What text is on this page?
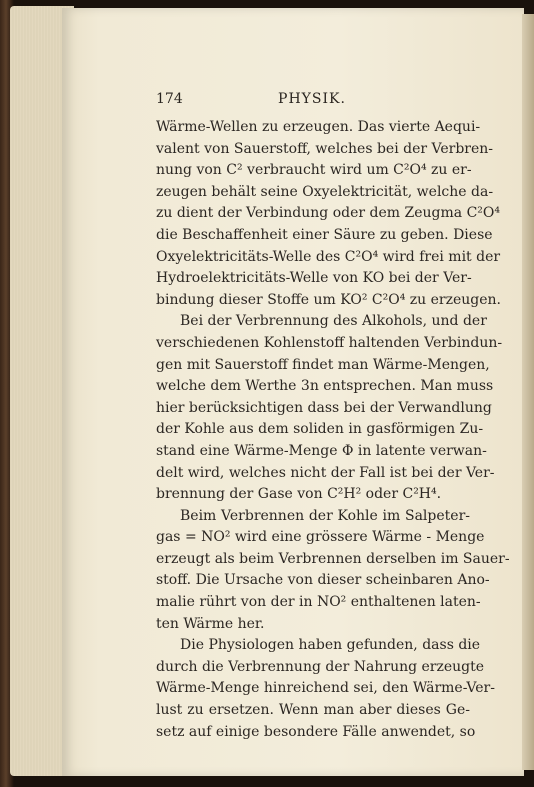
174	PHYSIK.
Wärme-Wellen zu erzeugen. Das vierte Aequi-
valent von Sauerstoff, welches bei der Verbren-
nung von C² verbraucht wird um C²O⁴ zu er-
zeugen behält seine Oxyelektricität, welche da-
zu dient der Verbindung oder dem Zeugma C²O⁴
die Beschaffenheit einer Säure zu geben. Diese
Oxyelektricitäts-Welle des C²O⁴ wird frei mit der
Hydroelektricitäts-Welle von KO bei der Ver-
bindung dieser Stoffe um KO² C²O⁴ zu erzeugen.
Bei der Verbrennung des Alkohols, und der
verschiedenen Kohlenstoff haltenden Verbindun-
gen mit Sauerstoff findet man Wärme-Mengen,
welche dem Werthe 3n entsprechen. Man muss
hier berücksichtigen dass bei der Verwandlung
der Kohle aus dem soliden in gasförmigen Zu-
stand eine Wärme-Menge Φ in latente verwan-
delt wird, welches nicht der Fall ist bei der Ver-
brennung der Gase von C²H² oder C²H⁴.
Beim Verbrennen der Kohle im Salpeter-
gas = NO² wird eine grössere Wärme - Menge
erzeugt als beim Verbrennen derselben im Sauer-
stoff. Die Ursache von dieser scheinbaren Ano-
malie rührt von der in NO² enthaltenen laten-
ten Wärme her.
Die Physiologen haben gefunden, dass die
durch die Verbrennung der Nahrung erzeugte
Wärme-Menge hinreichend sei, den Wärme-Ver-
lust zu ersetzen. Wenn man aber dieses Ge-
setz auf einige besondere Fälle anwendet, so
